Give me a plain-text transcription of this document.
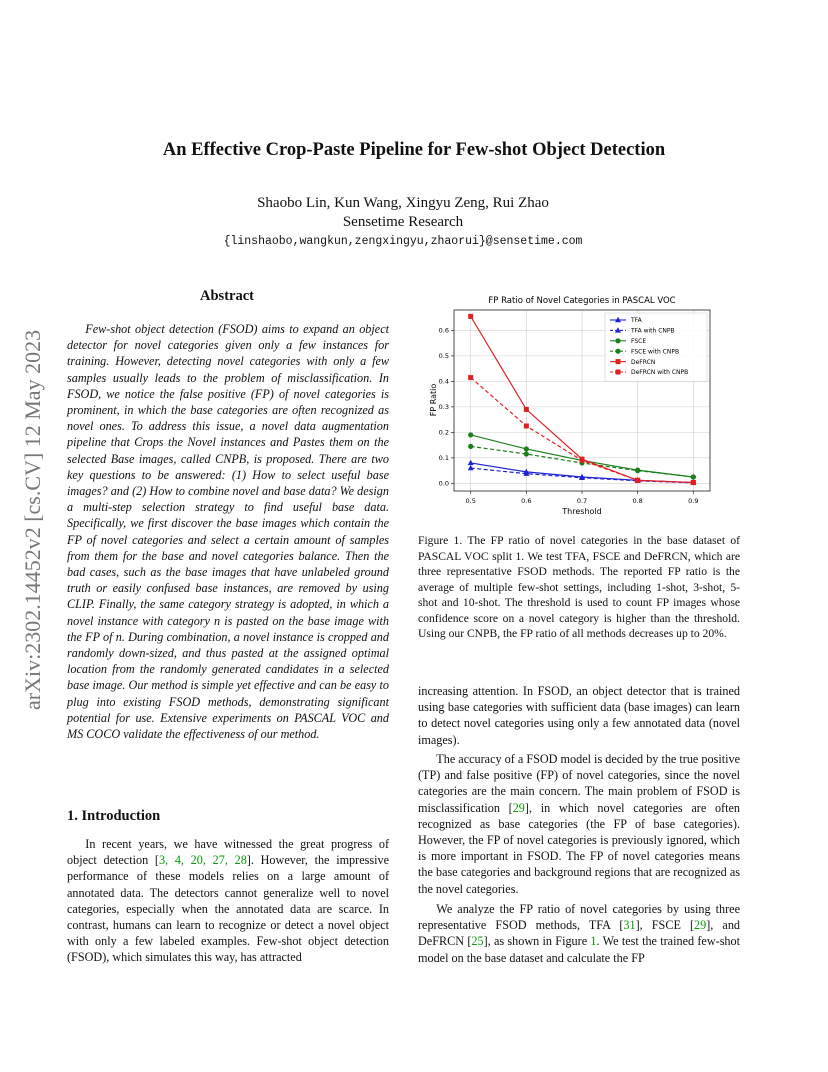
An Effective Crop-Paste Pipeline for Few-shot Object Detection
Shaobo Lin, Kun Wang, Xingyu Zeng, Rui Zhao
Sensetime Research
{linshaobo,wangkun,zengxingyu,zhaorui}@sensetime.com
arXiv:2302.14452v2 [cs.CV] 12 May 2023
Abstract

Few-shot object detection (FSOD) aims to expand an object detector for novel categories given only a few instances for training. However, detecting novel categories with only a few samples usually leads to the problem of misclassification. In FSOD, we notice the false positive (FP) of novel categories is prominent, in which the base categories are often recognized as novel ones. To address this issue, a novel data augmentation pipeline that Crops the Novel instances and Pastes them on the selected Base images, called CNPB, is proposed. There are two key questions to be answered: (1) How to select useful base images? and (2) How to combine novel and base data? We design a multi-step selection strategy to find useful base data. Specifically, we first discover the base images which contain the FP of novel categories and select a certain amount of samples from them for the base and novel categories balance. Then the bad cases, such as the base images that have unlabeled ground truth or easily confused base instances, are removed by using CLIP. Finally, the same category strategy is adopted, in which a novel instance with category n is pasted on the base image with the FP of n. During combination, a novel instance is cropped and randomly down-sized, and thus pasted at the assigned optimal location from the randomly generated candidates in a selected base image. Our method is simple yet effective and can be easy to plug into existing FSOD methods, demonstrating significant potential for use. Extensive experiments on PASCAL VOC and MS COCO validate the effectiveness of our method.

1. Introduction

In recent years, we have witnessed the great progress of object detection [3, 4, 20, 27, 28]. However, the impressive performance of these models relies on a large amount of annotated data. The detectors cannot generalize well to novel categories, especially when the annotated data are scarce. In contrast, humans can learn to recognize or detect a novel object with only a few labeled examples. Few-shot object detection (FSOD), which simulates this way, has attracted

FP Ratio of Novel Categories in PASCAL VOC
0.5	0.6	0.7	0.8	0.9
0.0
0.1
0.2
0.3
0.4
0.5
0.6
Threshold
FP Ratio
TFA
TFA with CNPB
FSCE
FSCE with CNPB
DeFRCN
DeFRCN with CNPB

Figure 1. The FP ratio of novel categories in the base dataset of PASCAL VOC split 1. We test TFA, FSCE and DeFRCN, which are three representative FSOD methods. The reported FP ratio is the average of multiple few-shot settings, including 1-shot, 3-shot, 5-shot and 10-shot. The threshold is used to count FP images whose confidence score on a novel category is higher than the threshold. Using our CNPB, the FP ratio of all methods decreases up to 20%.

increasing attention. In FSOD, an object detector that is trained using base categories with sufficient data (base images) can learn to detect novel categories using only a few annotated data (novel images).

The accuracy of a FSOD model is decided by the true positive (TP) and false positive (FP) of novel categories, since the novel categories are the main concern. The main problem of FSOD is misclassification [29], in which novel categories are often recognized as base categories (the FP of base categories). However, the FP of novel categories is previously ignored, which is more important in FSOD. The FP of novel categories means the base categories and background regions that are recognized as the novel categories.

We analyze the FP ratio of novel categories by using three representative FSOD methods, TFA [31], FSCE [29], and DeFRCN [25], as shown in Figure 1. We test the trained few-shot model on the base dataset and calculate the FP
